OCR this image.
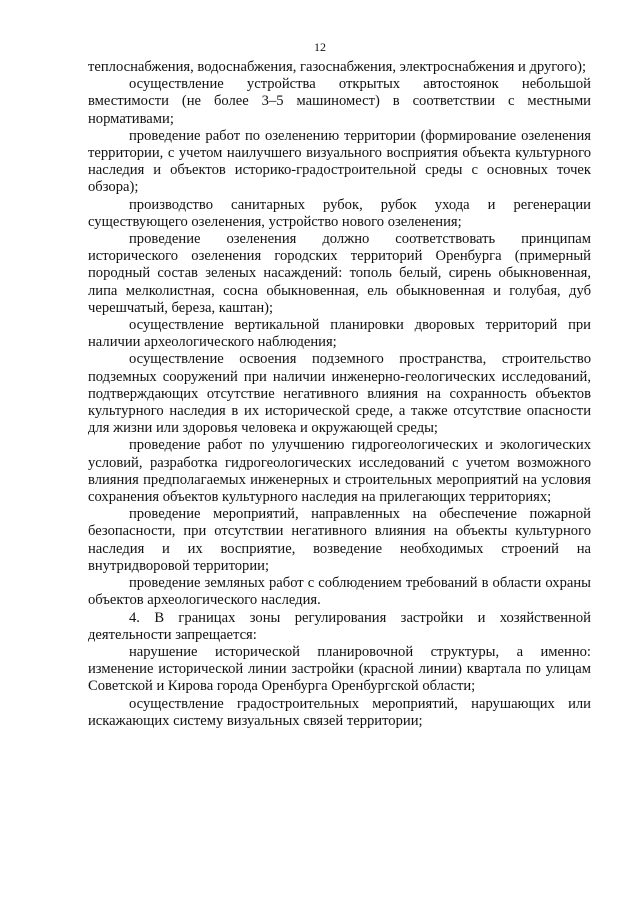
12

теплоснабжения, водоснабжения, газоснабжения, электроснабжения и другого);

осуществление устройства открытых автостоянок небольшой вместимости (не более 3–5 машиномест) в соответствии с местными нормативами;

проведение работ по озеленению территории (формирование озеленения территории, с учетом наилучшего визуального восприятия объекта культурного наследия и объектов историко-градостроительной среды с основных точек обзора);

производство санитарных рубок, рубок ухода и регенерации существующего озеленения, устройство нового озеленения;

проведение озеленения должно соответствовать принципам исторического озеленения городских территорий Оренбурга (примерный породный состав зеленых насаждений: тополь белый, сирень обыкновенная, липа мелколистная, сосна обыкновенная, ель обыкновенная и голубая, дуб черешчатый, береза, каштан);

осуществление вертикальной планировки дворовых территорий при наличии археологического наблюдения;

осуществление освоения подземного пространства, строительство подземных сооружений при наличии инженерно-геологических исследований, подтверждающих отсутствие негативного влияния на сохранность объектов культурного наследия в их исторической среде, а также отсутствие опасности для жизни или здоровья человека и окружающей среды;

проведение работ по улучшению гидрогеологических и экологических условий, разработка гидрогеологических исследований с учетом возможного влияния предполагаемых инженерных и строительных мероприятий на условия сохранения объектов культурного наследия на прилегающих территориях;

проведение мероприятий, направленных на обеспечение пожарной безопасности, при отсутствии негативного влияния на объекты культурного наследия и их восприятие, возведение необходимых строений на внутридворовой территории;

проведение земляных работ с соблюдением требований в области охраны объектов археологического наследия.

4. В границах зоны регулирования застройки и хозяйственной деятельности запрещается:

нарушение исторической планировочной структуры, а именно: изменение исторической линии застройки (красной линии) квартала по улицам Советской и Кирова города Оренбурга Оренбургской области;

осуществление градостроительных мероприятий, нарушающих или искажающих систему визуальных связей территории;
